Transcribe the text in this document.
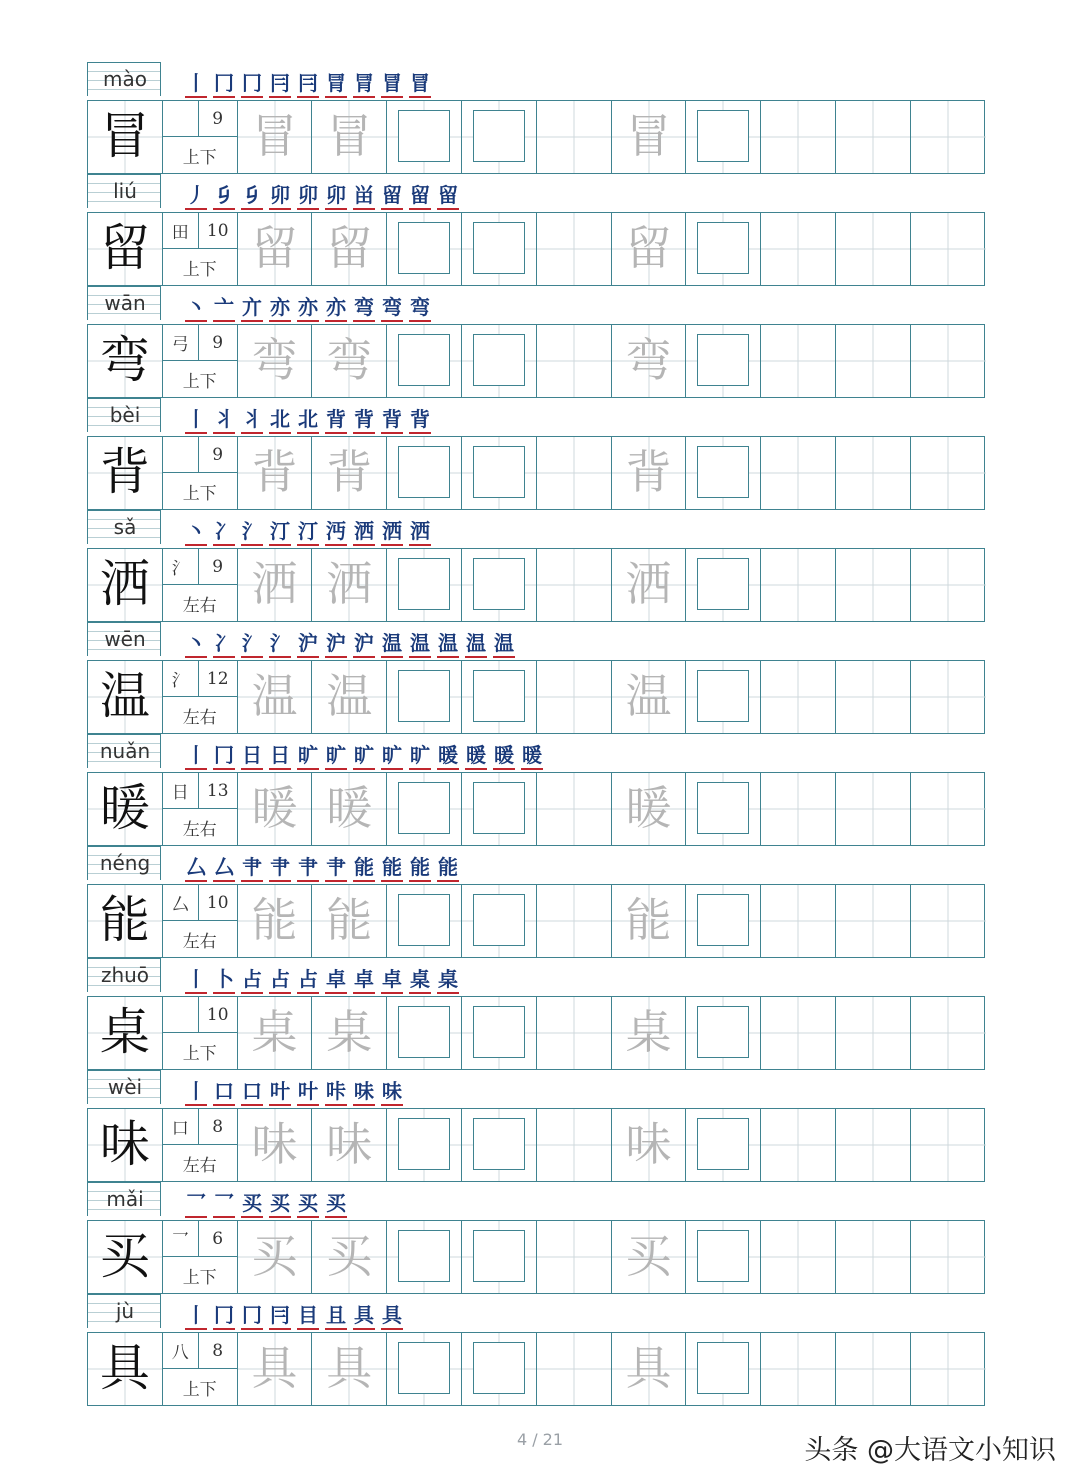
mào	丨 冂 冂 冃 冃 冐 冐 冒 冒
冒	9
上下 冒 冒	冒
liú	丿 𠂎 𠂎 卯 卯 卯 畄 留 留 留
留	田	10
上下 留 留	留
wān	丶 亠 亣 亦 亦 亦 弯 弯 弯
弯	弓	9
上下 弯 弯	弯
bèi	丨 丬 丬 北 北 背 背 背 背
背	9
上下 背 背	背
sǎ	丶 冫 氵 汀 汀 沔 洒 洒 洒
洒	氵	9
左右 洒 洒	洒
wēn	丶 冫 氵 氵 沪 沪 沪 温 温 温 温 温
温	氵	12
左右 温 温	温
nuǎn	丨 冂 日 日 旷 旷 旷 旷 旷 暖 暖 暖 暖
暖	日	13
左右 暖 暖	暖
néng	厶 厶 肀 肀 肀 肀 能 能 能 能
能	厶	10
左右 能 能	能
zhuō	丨 卜 占 占 占 卓 卓 卓 桌 桌
桌	10
上下 桌 桌	桌
wèi	丨 口 口 叶 叶 咔 味 味
味	口	8
左右 味 味	味
mǎi	乛 乛 买 买 买 买
买	乛	6
上下 买 买	买
jù	丨 冂 冂 冃 目 且 具 具
具	八	8
上下 具 具	具
4 / 21	头条 @大语文小知识
